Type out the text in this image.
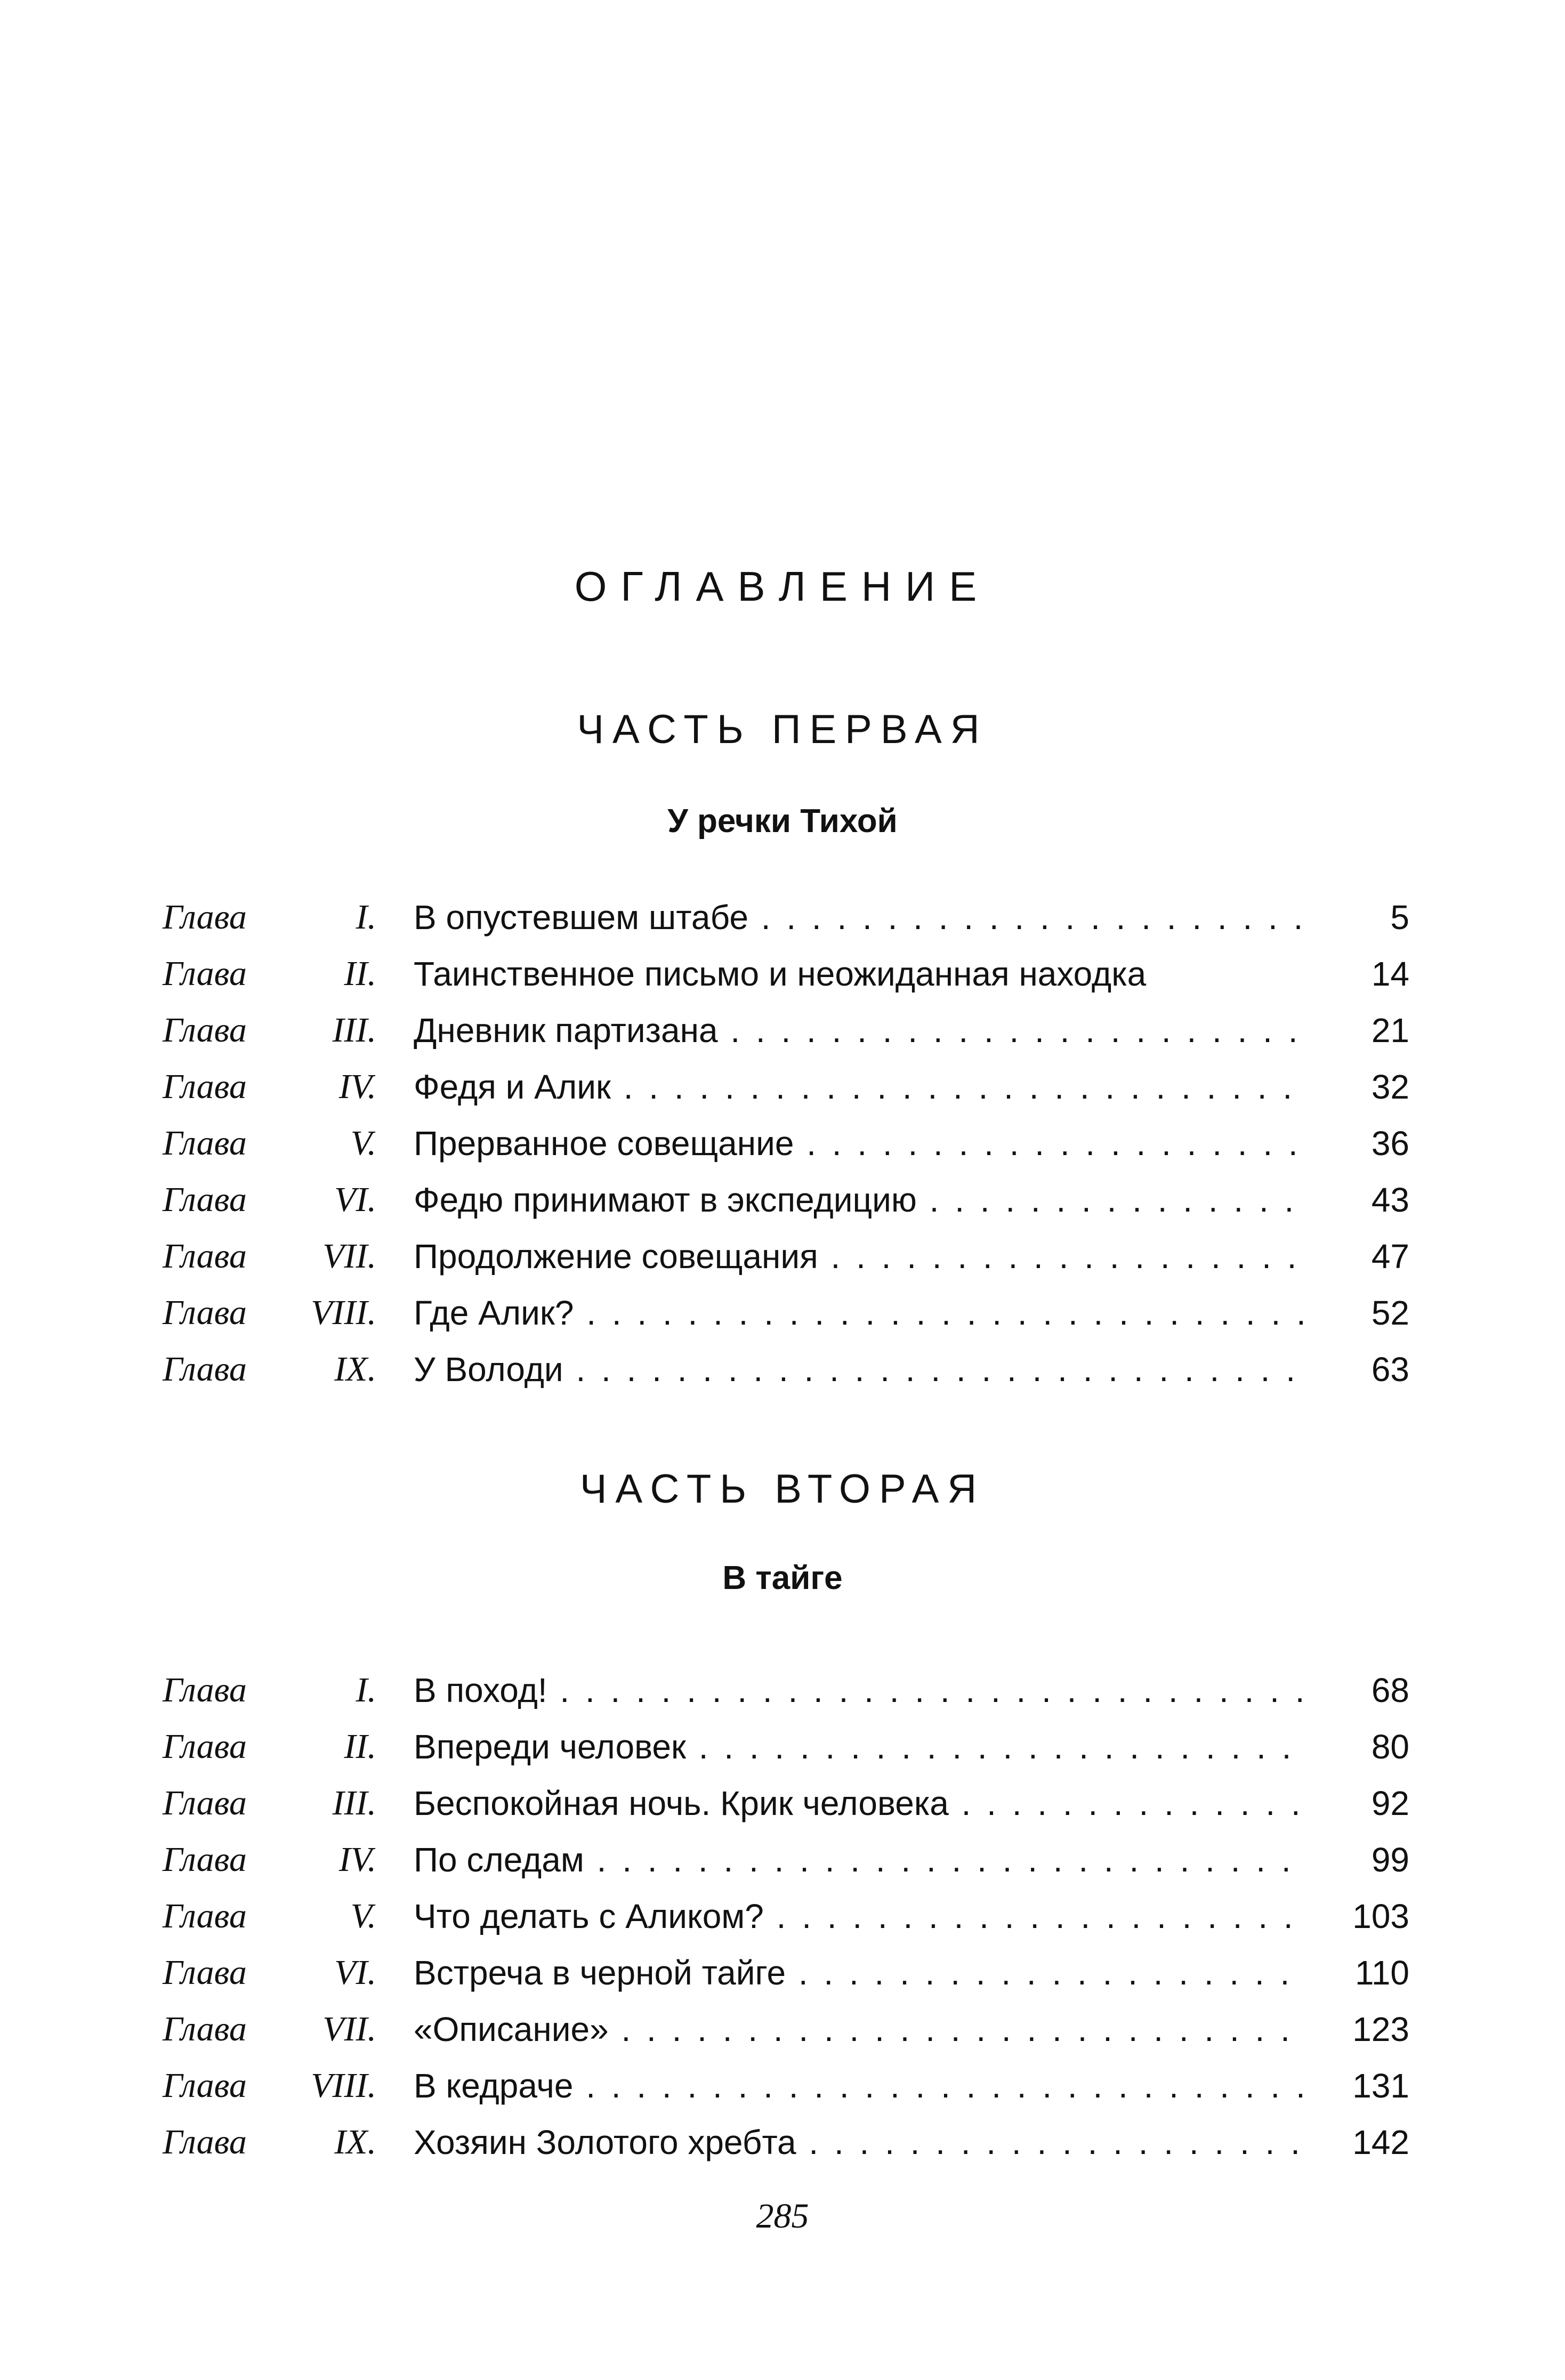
ОГЛАВЛЕНИЕ
ЧАСТЬ ПЕРВАЯ
У речки Тихой
Глава	I. В опустевшем штабе . .	5
Глава	II. Таинственное письмо и неожиданная находка	14
Глава III. Дневник партизана . .	21
Глава	IV. Федя и Алик . .	32
Глава	V. Прерванное совещание . .	36
Глава VI. Федю принимают в экспедицию . .	43
Глава VII. Продолжение совещания . .	47
Глава VIII. Где Алик? . .	52
Глава IX. У Володи . .	63
ЧАСТЬ ВТОРАЯ
В тайге
Глава	I. В поход! . .	68
Глава	II. Впереди человек . .	80
Глава III. Беспокойная ночь. Крик человека . .	92
Глава	IV. По следам . .	99
Глава	V. Что делать с Аликом? . .	103
Глава VI. Встреча в черной тайге . .	110
Глава VII. «Описание» . .	123
Глава VIII. В кедраче . .	131
Глава IX. Хозяин Золотого хребта . .	142
285
